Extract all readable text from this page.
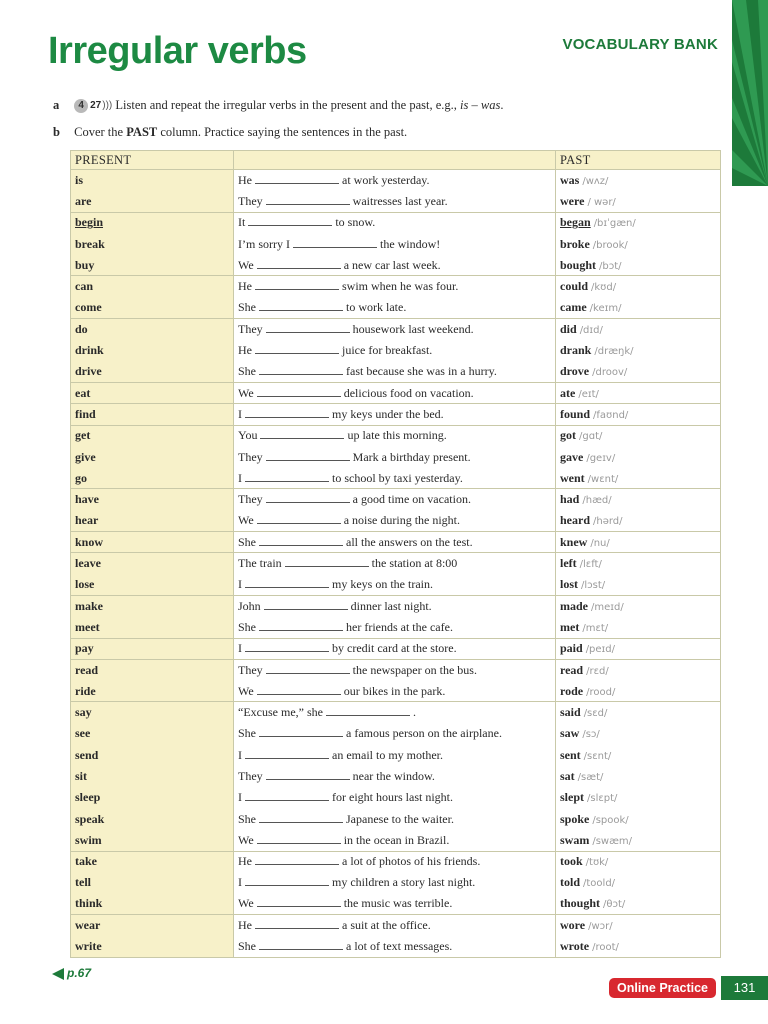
Irregular verbs	VOCABULARY BANK
a 4 27))) Listen and repeat the irregular verbs in the present and the past, e.g., is – was.
b Cover the PAST column. Practice saying the sentences in the past.
PRESENT		PAST
is	He at work yesterday.	was /wʌz/
are	They waitresses last year.	were / wər/
begin	It to snow.	began /bɪˈgæn/
break	I’m sorry I the window!	broke /brook/
buy	We a new car last week.	bought /bɔt/
can	He swim when he was four.	could /kʊd/
come	She to work late.	came /keɪm/
do	They housework last weekend.	did /dɪd/
drink	He juice for breakfast.	drank /dræŋk/
drive	She fast because she was in a hurry.	drove /droov/
eat	We delicious food on vacation.	ate /eɪt/
find	I my keys under the bed.	found /faʊnd/
get	You up late this morning.	got /gɑt/
give	They Mark a birthday present.	gave /geɪv/
go	I to school by taxi yesterday.	went /wɛnt/
have	They a good time on vacation.	had /hæd/
hear	We a noise during the night.	heard /hərd/
know	She all the answers on the test.	knew /nu/
leave	The train the station at 8:00	left /lɛft/
lose	I my keys on the train.	lost /lɔst/
make	John dinner last night.	made /meɪd/
meet	She her friends at the cafe.	met /mɛt/
pay	I by credit card at the store.	paid /peɪd/
read	They the newspaper on the bus.	read /rɛd/
ride	We our bikes in the park.	rode /rood/
say	“Excuse me,” she .	said /sɛd/
see	She a famous person on the airplane.	saw /sɔ/
send	I an email to my mother.	sent /sɛnt/
sit	They near the window.	sat /sæt/
sleep	I for eight hours last night.	slept /slɛpt/
speak	She Japanese to the waiter.	spoke /spook/
swim	We in the ocean in Brazil.	swam /swæm/
take	He a lot of photos of his friends.	took /tʊk/
tell	I my children a story last night.	told /toold/
think	We the music was terrible.	thought /θɔt/
wear	He a suit at the office.	wore /wɔr/
write	She a lot of text messages.	wrote /root/
p.67
Online Practice	131
